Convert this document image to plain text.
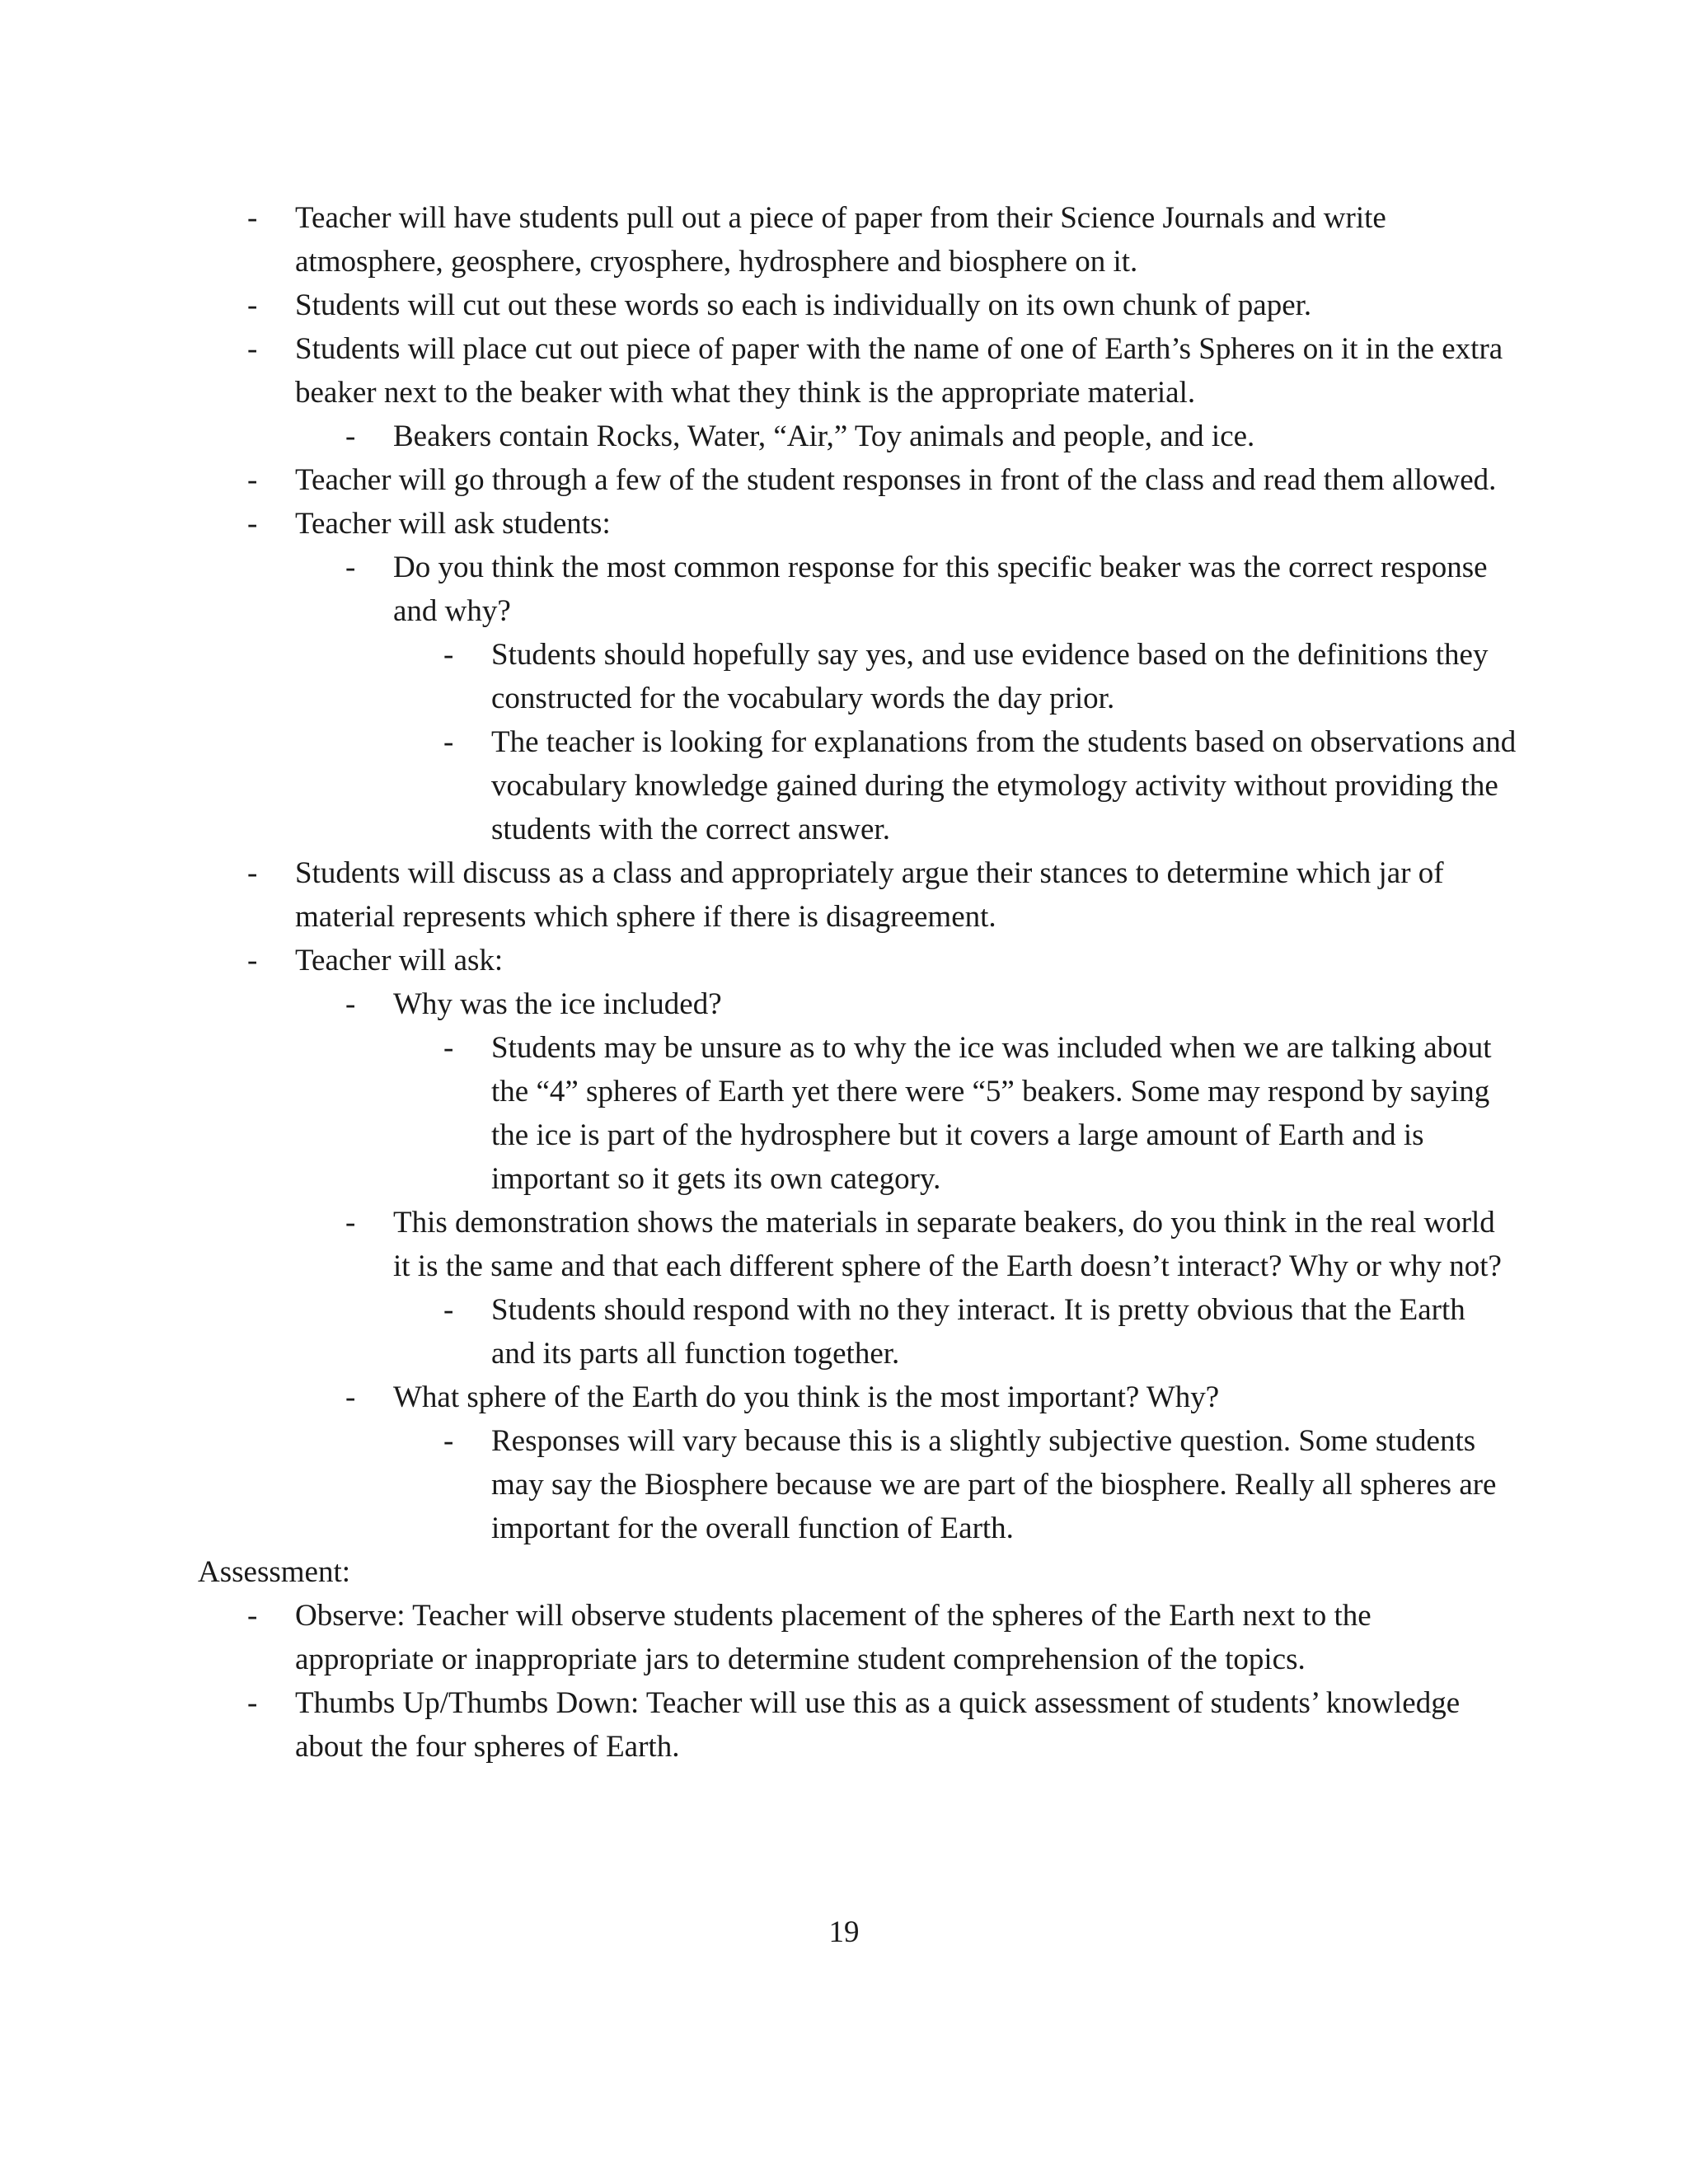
- Teacher will have students pull out a piece of paper from their Science Journals and write atmosphere, geosphere, cryosphere, hydrosphere and biosphere on it.
- Students will cut out these words so each is individually on its own chunk of paper.
- Students will place cut out piece of paper with the name of one of Earth’s Spheres on it in the extra beaker next to the beaker with what they think is the appropriate material.
- Beakers contain Rocks, Water, “Air,” Toy animals and people, and ice.
- Teacher will go through a few of the student responses in front of the class and read them allowed.
- Teacher will ask students:
- Do you think the most common response for this specific beaker was the correct response and why?
- Students should hopefully say yes, and use evidence based on the definitions they constructed for the vocabulary words the day prior.
- The teacher is looking for explanations from the students based on observations and vocabulary knowledge gained during the etymology activity without providing the students with the correct answer.
- Students will discuss as a class and appropriately argue their stances to determine which jar of material represents which sphere if there is disagreement.
- Teacher will ask:
- Why was the ice included?
- Students may be unsure as to why the ice was included when we are talking about the “4” spheres of Earth yet there were “5” beakers. Some may respond by saying the ice is part of the hydrosphere but it covers a large amount of Earth and is important so it gets its own category.
- This demonstration shows the materials in separate beakers, do you think in the real world it is the same and that each different sphere of the Earth doesn’t interact? Why or why not?
- Students should respond with no they interact. It is pretty obvious that the Earth and its parts all function together.
- What sphere of the Earth do you think is the most important? Why?
- Responses will vary because this is a slightly subjective question. Some students may say the Biosphere because we are part of the biosphere. Really all spheres are important for the overall function of Earth.
Assessment:
- Observe: Teacher will observe students placement of the spheres of the Earth next to the appropriate or inappropriate jars to determine student comprehension of the topics.
- Thumbs Up/Thumbs Down: Teacher will use this as a quick assessment of students’ knowledge about the four spheres of Earth.
19
